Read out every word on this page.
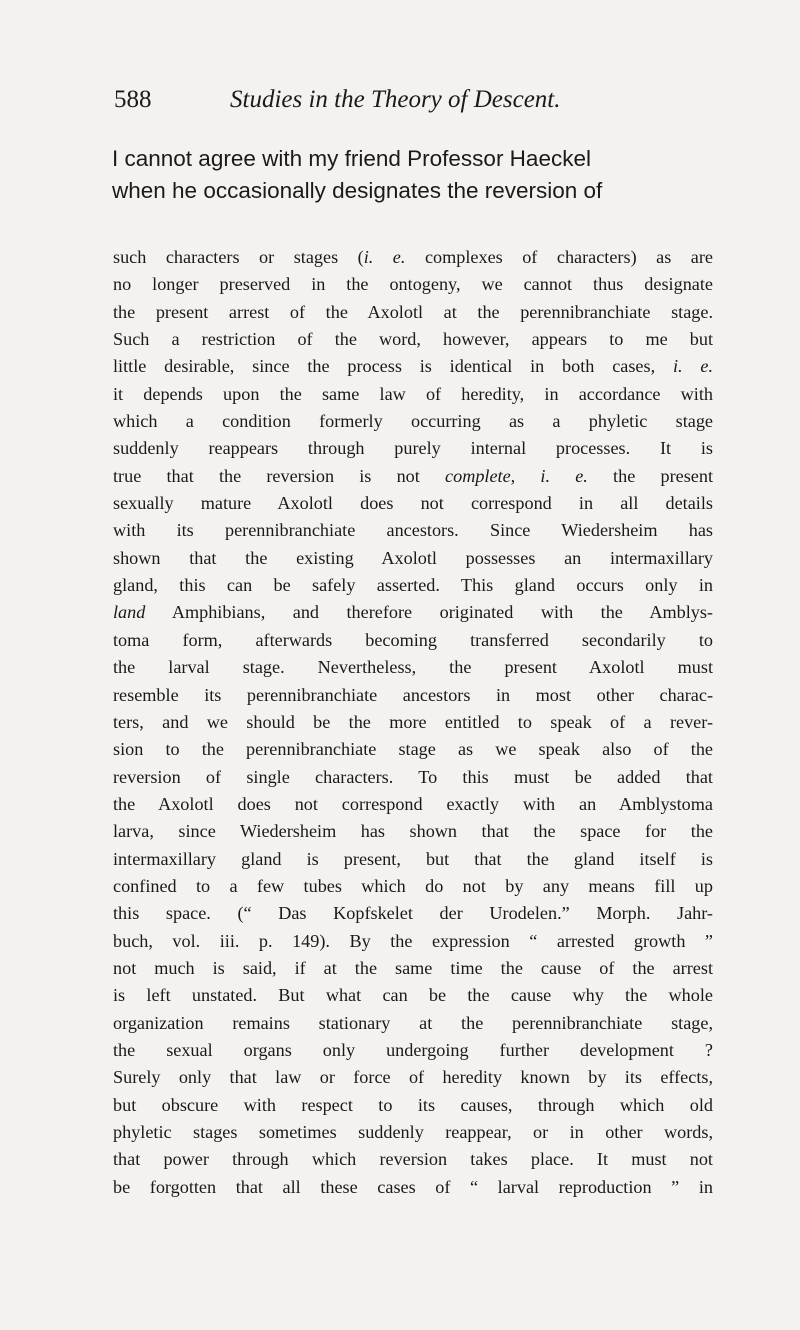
588	Studies in the Theory of Descent.
I cannot agree with my friend Professor Haeckel
when he occasionally designates the reversion of
such characters or stages (i. e. complexes of characters) as are
no longer preserved in the ontogeny, we cannot thus designate
the present arrest of the Axolotl at the perennibranchiate stage.
Such a restriction of the word, however, appears to me but
little desirable, since the process is identical in both cases, i. e.
it depends upon the same law of heredity, in accordance with
which a condition formerly occurring as a phyletic stage
suddenly reappears through purely internal processes. It is
true that the reversion is not complete, i. e. the present
sexually mature Axolotl does not correspond in all details
with its perennibranchiate ancestors. Since Wiedersheim has
shown that the existing Axolotl possesses an intermaxillary
gland, this can be safely asserted. This gland occurs only in
land Amphibians, and therefore originated with the Amblys-
toma form, afterwards becoming transferred secondarily to
the larval stage. Nevertheless, the present Axolotl must
resemble its perennibranchiate ancestors in most other charac-
ters, and we should be the more entitled to speak of a rever-
sion to the perennibranchiate stage as we speak also of the
reversion of single characters. To this must be added that
the Axolotl does not correspond exactly with an Amblystoma
larva, since Wiedersheim has shown that the space for the
intermaxillary gland is present, but that the gland itself is
confined to a few tubes which do not by any means fill up
this space. (“ Das Kopfskelet der Urodelen.” Morph. Jahr-
buch, vol. iii. p. 149). By the expression “ arrested growth ”
not much is said, if at the same time the cause of the arrest
is left unstated. But what can be the cause why the whole
organization remains stationary at the perennibranchiate stage,
the sexual organs only undergoing further development ?
Surely only that law or force of heredity known by its effects,
but obscure with respect to its causes, through which old
phyletic stages sometimes suddenly reappear, or in other words,
that power through which reversion takes place. It must not
be forgotten that all these cases of “ larval reproduction ” in
